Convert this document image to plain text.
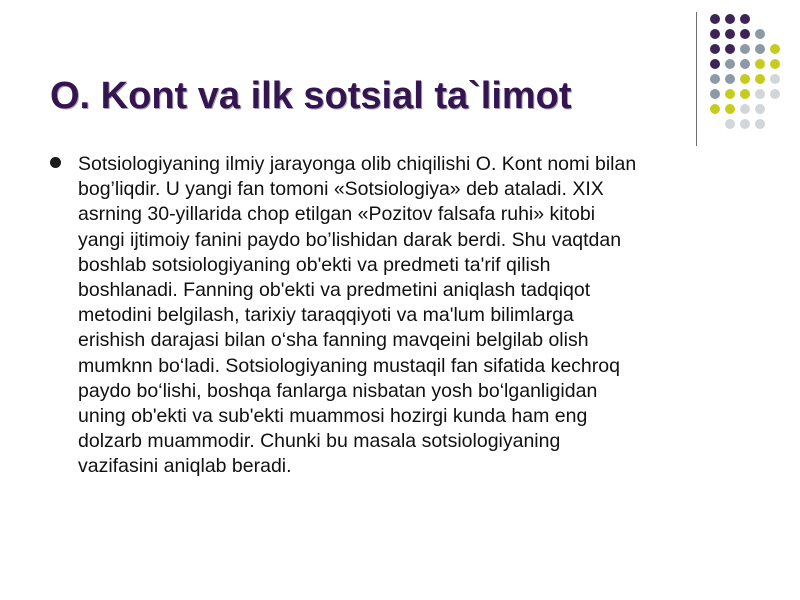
O. Kont va ilk sotsial ta`limot
Sotsiologiyaning ilmiy jarayonga olib chiqilishi O. Kont nomi bilan
bog’liqdir. U yangi fan tomoni «Sotsiologiya» deb ataladi. XIX
asrning 30-yillarida chop etilgan «Pozitov falsafa ruhi» kitobi
yangi ijtimoiy fanini paydo bo’lishidan darak berdi. Shu vaqtdan
boshlab sotsiologiyaning ob'ekti va predmeti ta'rif qilish
boshlanadi. Fanning ob'ekti va predmetini aniqlash tadqiqot
metodini belgilash, tarixiy taraqqiyoti va ma'lum bilimlarga
erishish darajasi bilan o‘sha fanning mavqeini belgilab olish
mumknn bo‘ladi. Sotsiologiyaning mustaqil fan sifatida kechroq
paydo bo‘lishi, boshqa fanlarga nisbatan yosh bo‘lganligidan
uning ob'ekti va sub'ekti muammosi hozirgi kunda ham eng
dolzarb muammodir. Chunki bu masala sotsiologiyaning
vazifasini aniqlab beradi.
